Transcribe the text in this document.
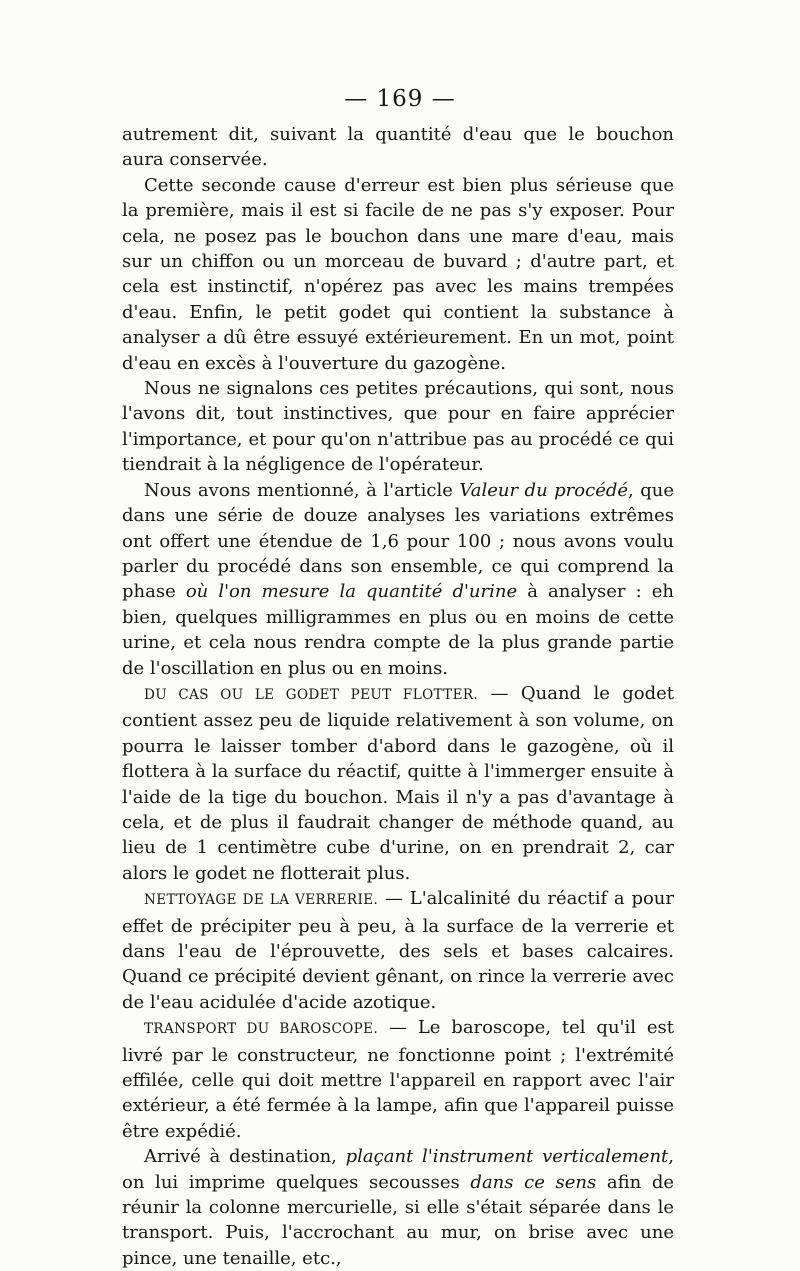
— 169 —

autrement dit, suivant la quantité d'eau que le bouchon aura conservée.

Cette seconde cause d'erreur est bien plus sérieuse que la première, mais il est si facile de ne pas s'y exposer. Pour cela, ne posez pas le bouchon dans une mare d'eau, mais sur un chiffon ou un morceau de buvard ; d'autre part, et cela est instinctif, n'opérez pas avec les mains trempées d'eau. Enfin, le petit godet qui contient la substance à analyser a dû être essuyé extérieurement. En un mot, point d'eau en excès à l'ouverture du gazogène.

Nous ne signalons ces petites précautions, qui sont, nous l'avons dit, tout instinctives, que pour en faire apprécier l'importance, et pour qu'on n'attribue pas au procédé ce qui tiendrait à la négligence de l'opérateur.

Nous avons mentionné, à l'article Valeur du procédé, que dans une série de douze analyses les variations extrêmes ont offert une étendue de 1,6 pour 100 ; nous avons voulu parler du procédé dans son ensemble, ce qui comprend la phase où l'on mesure la quantité d'urine à analyser : eh bien, quelques milligrammes en plus ou en moins de cette urine, et cela nous rendra compte de la plus grande partie de l'oscillation en plus ou en moins.

DU CAS OU LE GODET PEUT FLOTTER. — Quand le godet contient assez peu de liquide relativement à son volume, on pourra le laisser tomber d'abord dans le gazogène, où il flottera à la surface du réactif, quitte à l'immerger ensuite à l'aide de la tige du bouchon. Mais il n'y a pas d'avantage à cela, et de plus il faudrait changer de méthode quand, au lieu de 1 centimètre cube d'urine, on en prendrait 2, car alors le godet ne flotterait plus.

NETTOYAGE DE LA VERRERIE. — L'alcalinité du réactif a pour effet de précipiter peu à peu, à la surface de la verrerie et dans l'eau de l'éprouvette, des sels et bases calcaires. Quand ce précipité devient gênant, on rince la verrerie avec de l'eau acidulée d'acide azotique.

TRANSPORT DU BAROSCOPE. — Le baroscope, tel qu'il est livré par le constructeur, ne fonctionne point ; l'extrémité effilée, celle qui doit mettre l'appareil en rapport avec l'air extérieur, a été fermée à la lampe, afin que l'appareil puisse être expédié.

Arrivé à destination, plaçant l'instrument verticalement, on lui imprime quelques secousses dans ce sens afin de réunir la colonne mercurielle, si elle s'était séparée dans le transport. Puis, l'accrochant au mur, on brise avec une pince, une tenaille, etc.,
